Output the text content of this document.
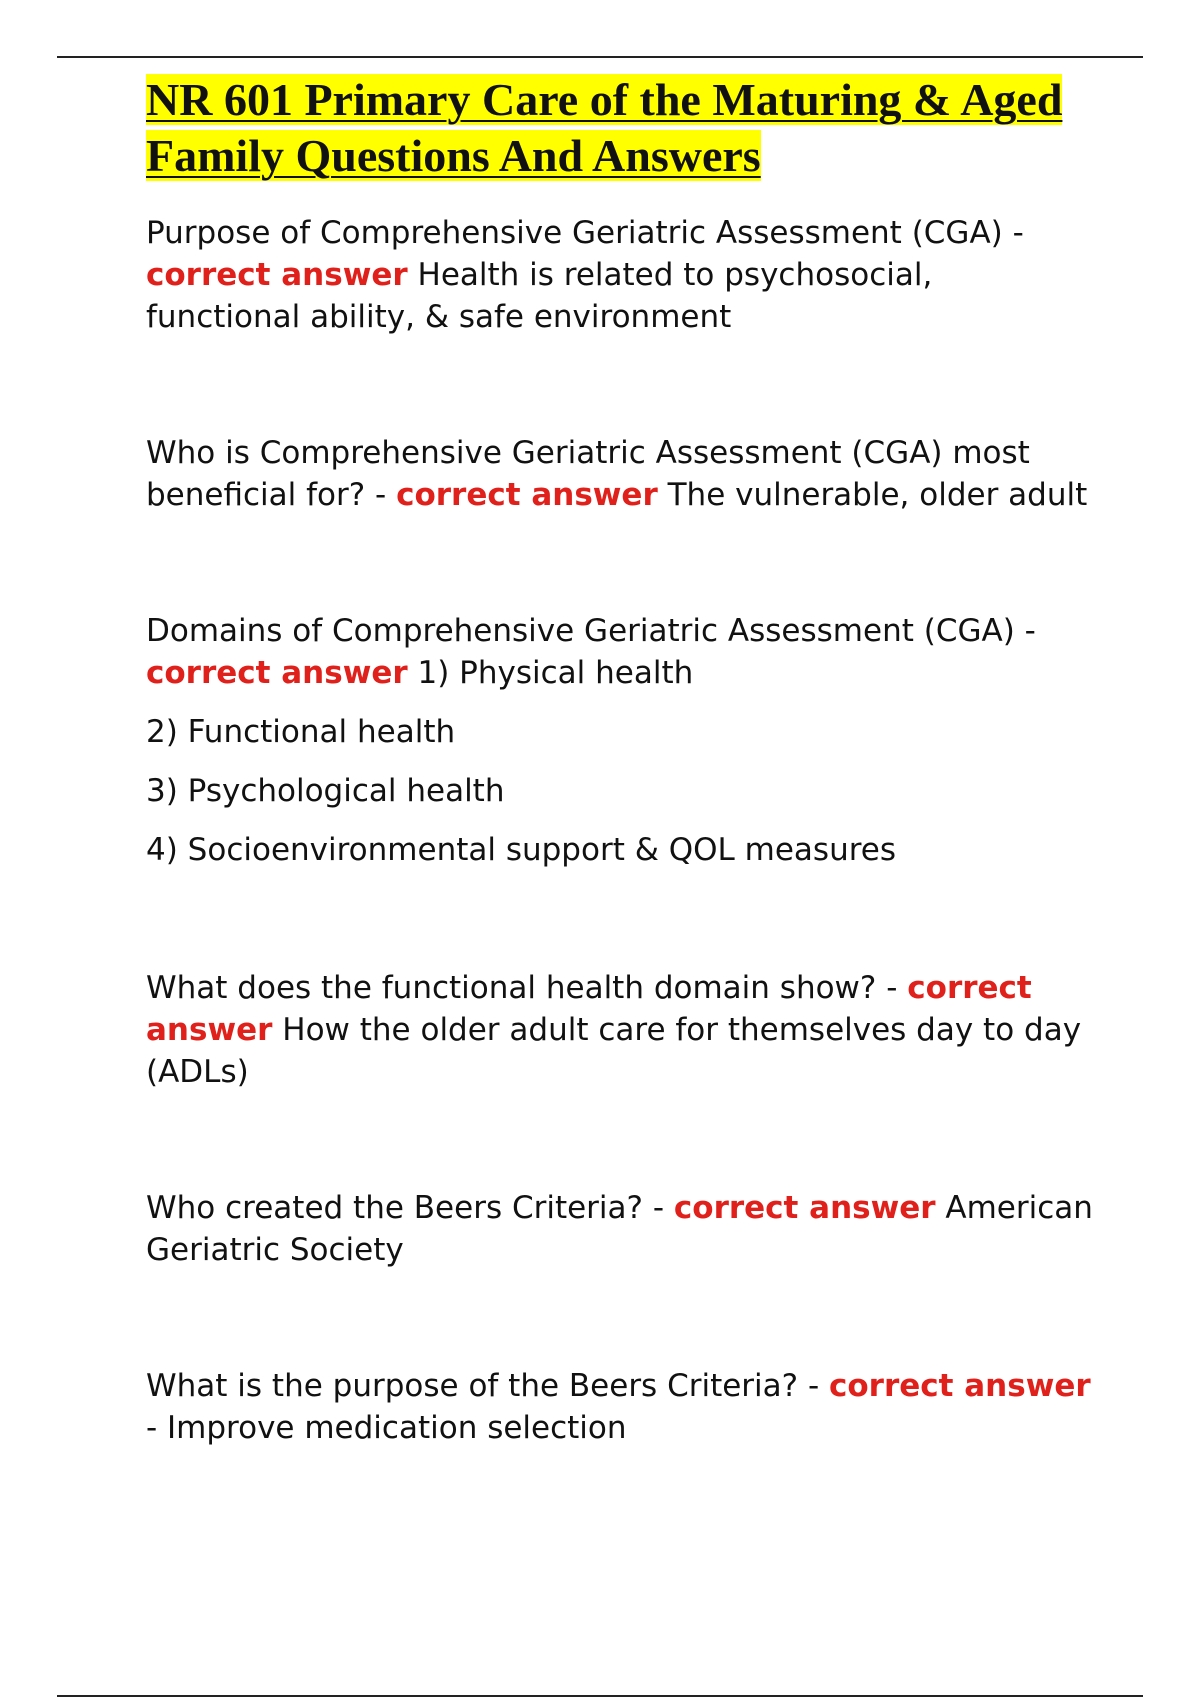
NR 601 Primary Care of the Maturing & Aged Family Questions And Answers

Purpose of Comprehensive Geriatric Assessment (CGA) - correct answer Health is related to psychosocial, functional ability, & safe environment

Who is Comprehensive Geriatric Assessment (CGA) most beneficial for? - correct answer The vulnerable, older adult

Domains of Comprehensive Geriatric Assessment (CGA) - correct answer 1) Physical health

2) Functional health

3) Psychological health

4) Socioenvironmental support & QOL measures

What does the functional health domain show? - correct answer How the older adult care for themselves day to day (ADLs)

Who created the Beers Criteria? - correct answer American Geriatric Society

What is the purpose of the Beers Criteria? - correct answer - Improve medication selection
